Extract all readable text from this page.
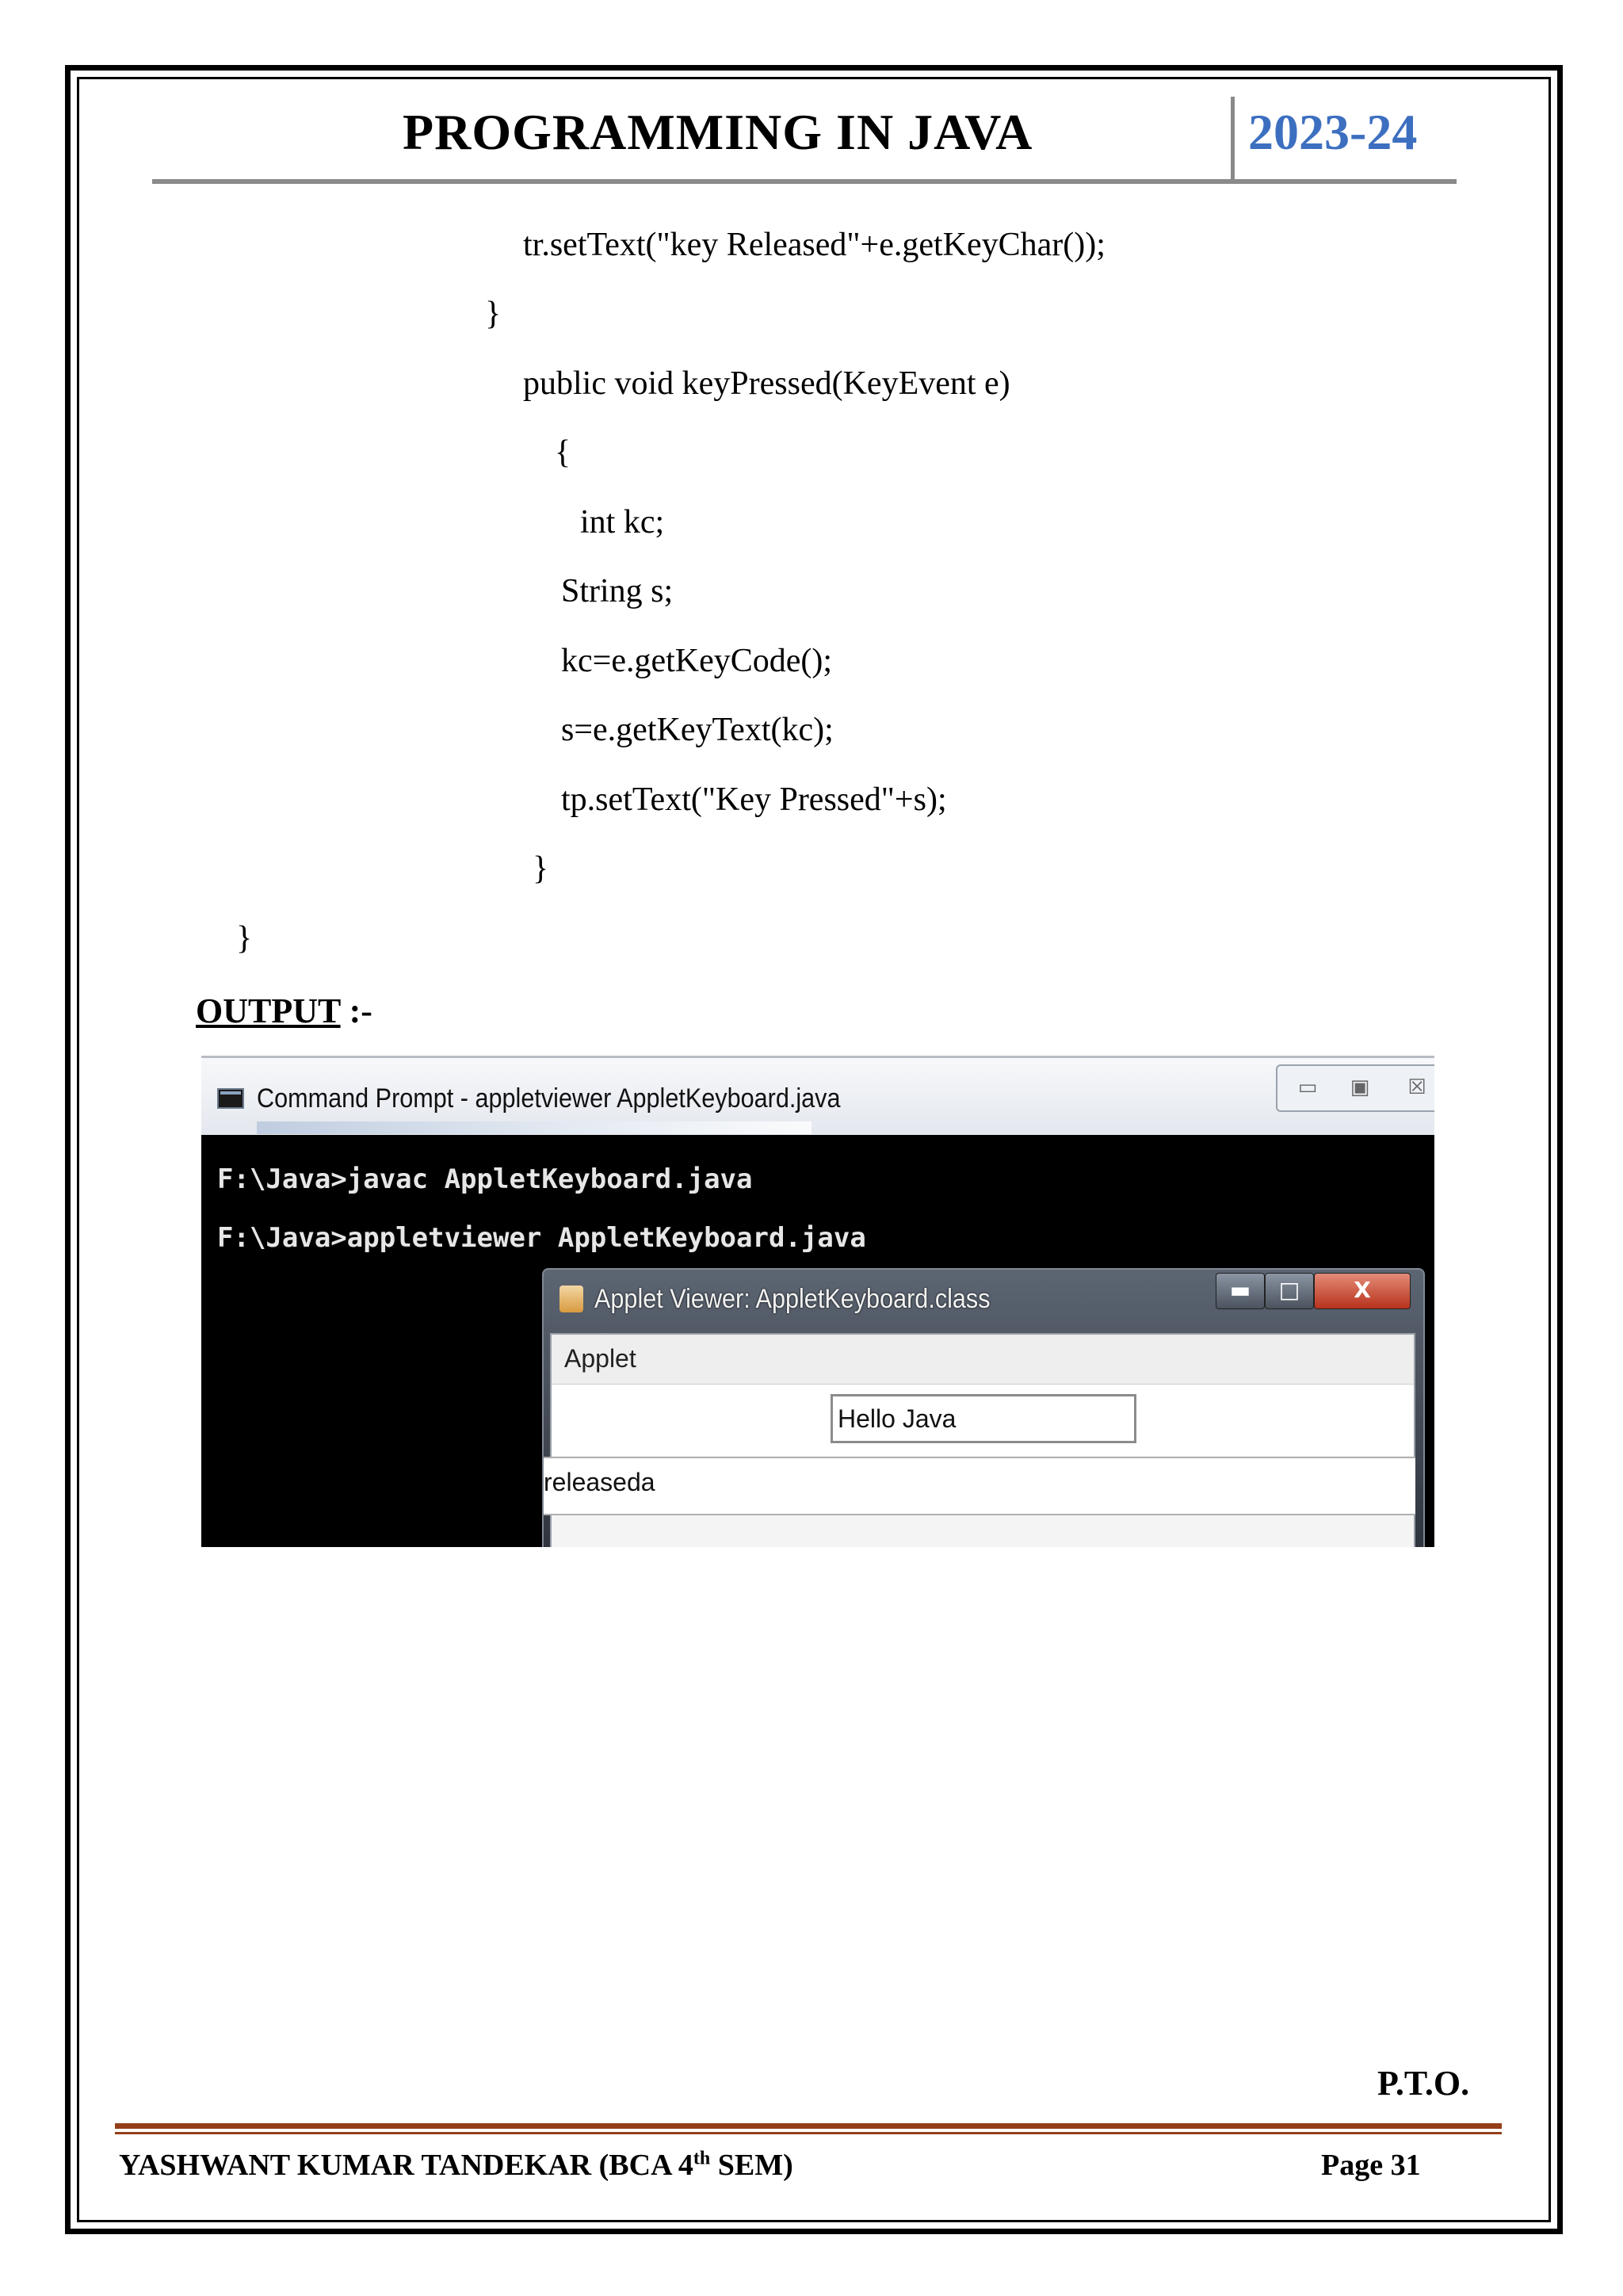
PROGRAMMING IN JAVA	2023-24
tr.setText("key Released"+e.getKeyChar());
}
public void keyPressed(KeyEvent e)
{
int kc;
String s;
kc=e.getKeyCode();
s=e.getKeyText(kc);
tp.setText("Key Pressed"+s);
}
}
OUTPUT :-
Command Prompt - appletviewer AppletKeyboard.java	▭	▣	☒
F:\Java>javac AppletKeyboard.java
F:\Java>appletviewer AppletKeyboard.java
Applet Viewer: AppletKeyboard.class	▬	□	X
Applet
Hello Java
releaseda
P.T.O.
YASHWANT KUMAR TANDEKAR (BCA 4th SEM)	Page 31
